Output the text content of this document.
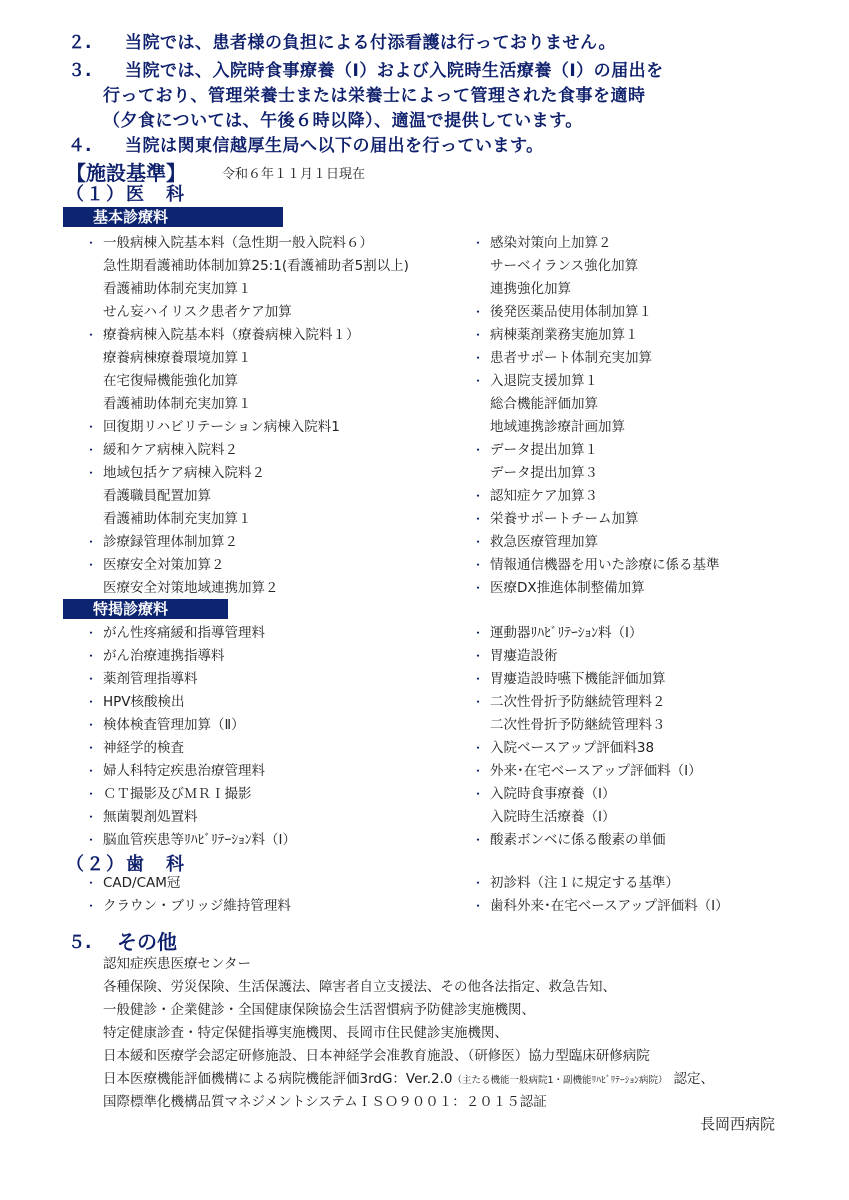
２. 当院では、患者様の負担による付添看護は行っておりません。
３. 当院では、入院時食事療養（Ⅰ）および入院時生活療養（Ⅰ）の届出を
行っており、管理栄養士または栄養士によって管理された食事を適時
（夕食については、午後６時以降）、適温で提供しています。
４. 当院は関東信越厚生局へ以下の届出を行っています。
【施設基準】	令和６年１１月１日現在
（１）医　科
基本診療料
・ 一般病棟入院基本料（急性期一般入院料６）
急性期看護補助体制加算25:1(看護補助者5割以上)
看護補助体制充実加算１
せん妄ハイリスク患者ケア加算
・ 療養病棟入院基本料（療養病棟入院料１）
療養病棟療養環境加算１
在宅復帰機能強化加算
看護補助体制充実加算１
・ 回復期リハビリテーション病棟入院料1
・ 緩和ケア病棟入院料２
・ 地域包括ケア病棟入院料２
看護職員配置加算
看護補助体制充実加算１
・ 診療録管理体制加算２
・ 医療安全対策加算２
医療安全対策地域連携加算２
・ 感染対策向上加算２
サーベイランス強化加算
連携強化加算
・ 後発医薬品使用体制加算１
・ 病棟薬剤業務実施加算１
・ 患者サポート体制充実加算
・ 入退院支援加算１
総合機能評価加算
地域連携診療計画加算
・ データ提出加算１
データ提出加算３
・ 認知症ケア加算３
・ 栄養サポートチーム加算
・ 救急医療管理加算
・ 情報通信機器を用いた診療に係る基準
・ 医療DX推進体制整備加算
特掲診療料
・ がん性疼痛緩和指導管理料
・ がん治療連携指導料
・ 薬剤管理指導料
・ HPV核酸検出
・ 検体検査管理加算（Ⅱ）
・ 神経学的検査
・ 婦人科特定疾患治療管理料
・ ＣＴ撮影及びＭＲＩ撮影
・ 無菌製剤処置料
・ 脳血管疾患等ﾘﾊﾋﾞﾘﾃｰｼｮﾝ料（Ⅰ）
・ 運動器ﾘﾊﾋﾞﾘﾃｰｼｮﾝ料（Ⅰ）
・ 胃瘻造設術
・ 胃瘻造設時嚥下機能評価加算
・ 二次性骨折予防継続管理料２
二次性骨折予防継続管理料３
・ 入院ベースアップ評価料38
・ 外来･在宅ベースアップ評価料（Ⅰ）
・ 入院時食事療養（Ⅰ）
入院時生活療養（Ⅰ）
・ 酸素ボンベに係る酸素の単価
（２）歯　科
・ CAD/CAM冠
・ クラウン・ブリッジ維持管理料
・ 初診料（注１に規定する基準）
・ 歯科外来･在宅ベースアップ評価料（Ⅰ）
５. その他
認知症疾患医療センター
各種保険、労災保険、生活保護法、障害者自立支援法、その他各法指定、救急告知、
一般健診・企業健診・全国健康保険協会生活習慣病予防健診実施機関、
特定健康診査・特定保健指導実施機関、長岡市住民健診実施機関、
日本緩和医療学会認定研修施設、日本神経学会准教育施設、（研修医）協力型臨床研修病院
日本医療機能評価機構による病院機能評価3rdG：Ver.2.0（主たる機能一般病院1・副機能ﾘﾊﾋﾞﾘﾃｰｼｮﾝ病院） 認定、
国際標準化機構品質マネジメントシステムＩＳＯ９００１：２０１５認証
長岡西病院
